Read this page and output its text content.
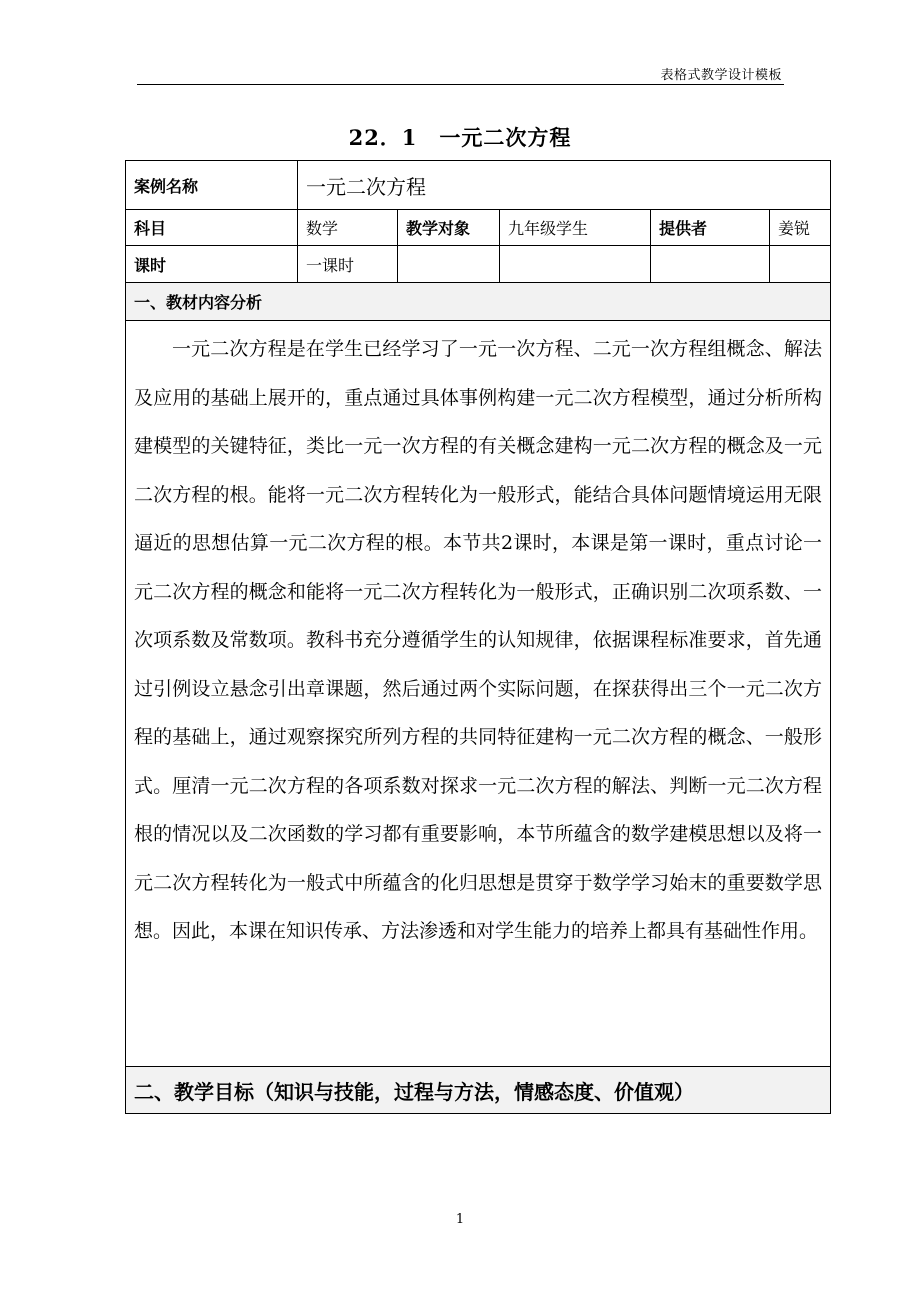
表格式教学设计模板
22．1　一元二次方程
案例名称	一元二次方程				
科目	数学	教学对象	九年级学生	提供者	姜锐
课时	一课时				
一、教材内容分析					

一元二次方程是在学生已经学习了一元一次方程、二元一次方程组概念、解法及应用的基础上展开的，重点通过具体事例构建一元二次方程模型，通过分析所构建模型的关键特征，类比一元一次方程的有关概念建构一元二次方程的概念及一元二次方程的根。能将一元二次方程转化为一般形式，能结合具体问题情境运用无限逼近的思想估算一元二次方程的根。本节共2课时，本课是第一课时，重点讨论一元二次方程的概念和能将一元二次方程转化为一般形式，正确识别二次项系数、一次项系数及常数项。教科书充分遵循学生的认知规律，依据课程标准要求，首先通过引例设立悬念引出章课题，然后通过两个实际问题，在探获得出三个一元二次方程的基础上，通过观察探究所列方程的共同特征建构一元二次方程的概念、一般形式。厘清一元二次方程的各项系数对探求一元二次方程的解法、判断一元二次方程根的情况以及二次函数的学习都有重要影响，本节所蕴含的数学建模思想以及将一元二次方程转化为一般式中所蕴含的化归思想是贯穿于数学学习始末的重要数学思想。因此，本课在知识传承、方法渗透和对学生能力的培养上都具有基础性作用。					

二、教学目标（知识与技能，过程与方法，情感态度、价值观）					
1
